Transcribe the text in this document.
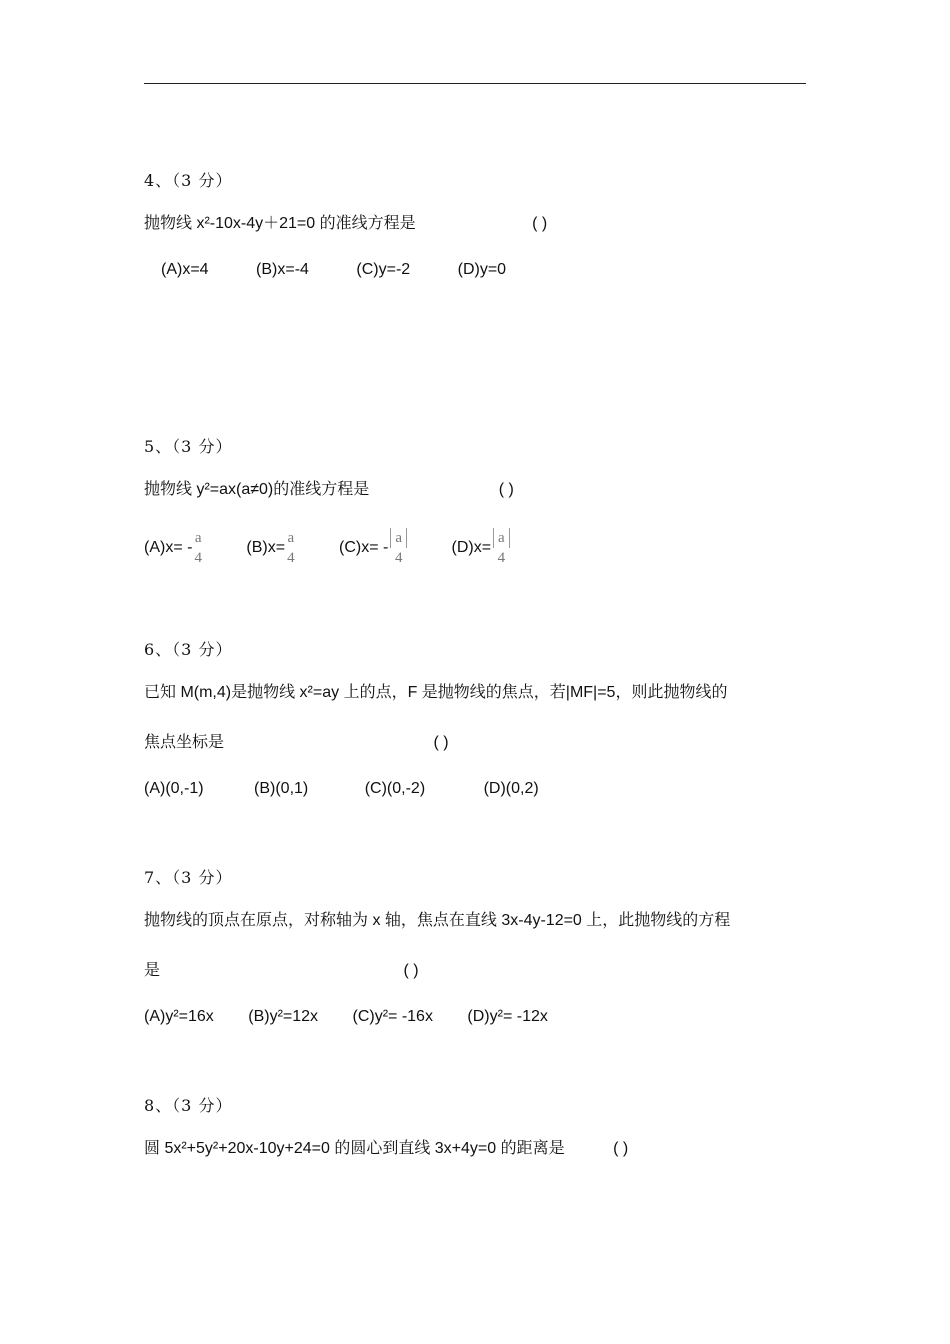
4、（3 分）
抛物线 x²-10x-4y＋21=0 的准线方程是	( )
(A)x=4	(B)x=-4	(C)y=-2	(D)y=0
5、（3 分）
抛物线 y²=ax(a≠0)的准线方程是	( )
(A)x= -
a
4
(B)x=
a
4
(C)x= -
a
4
(D)x=
a
4
6、（3 分）
已知 M(m,4)是抛物线 x²=ay 上的点，F 是抛物线的焦点，若|MF|=5，则此抛物线的
焦点坐标是	( )
(A)(0,-1)	(B)(0,1)	(C)(0,-2)	(D)(0,2)
7、（3 分）
抛物线的顶点在原点，对称轴为 x 轴，焦点在直线 3x-4y-12=0 上，此抛物线的方程
是	( )
(A)y²=16x (B)y²=12x (C)y²= -16x (D)y²= -12x
8、（3 分）
圆 5x²+5y²+20x-10y+24=0 的圆心到直线 3x+4y=0 的距离是	( )
